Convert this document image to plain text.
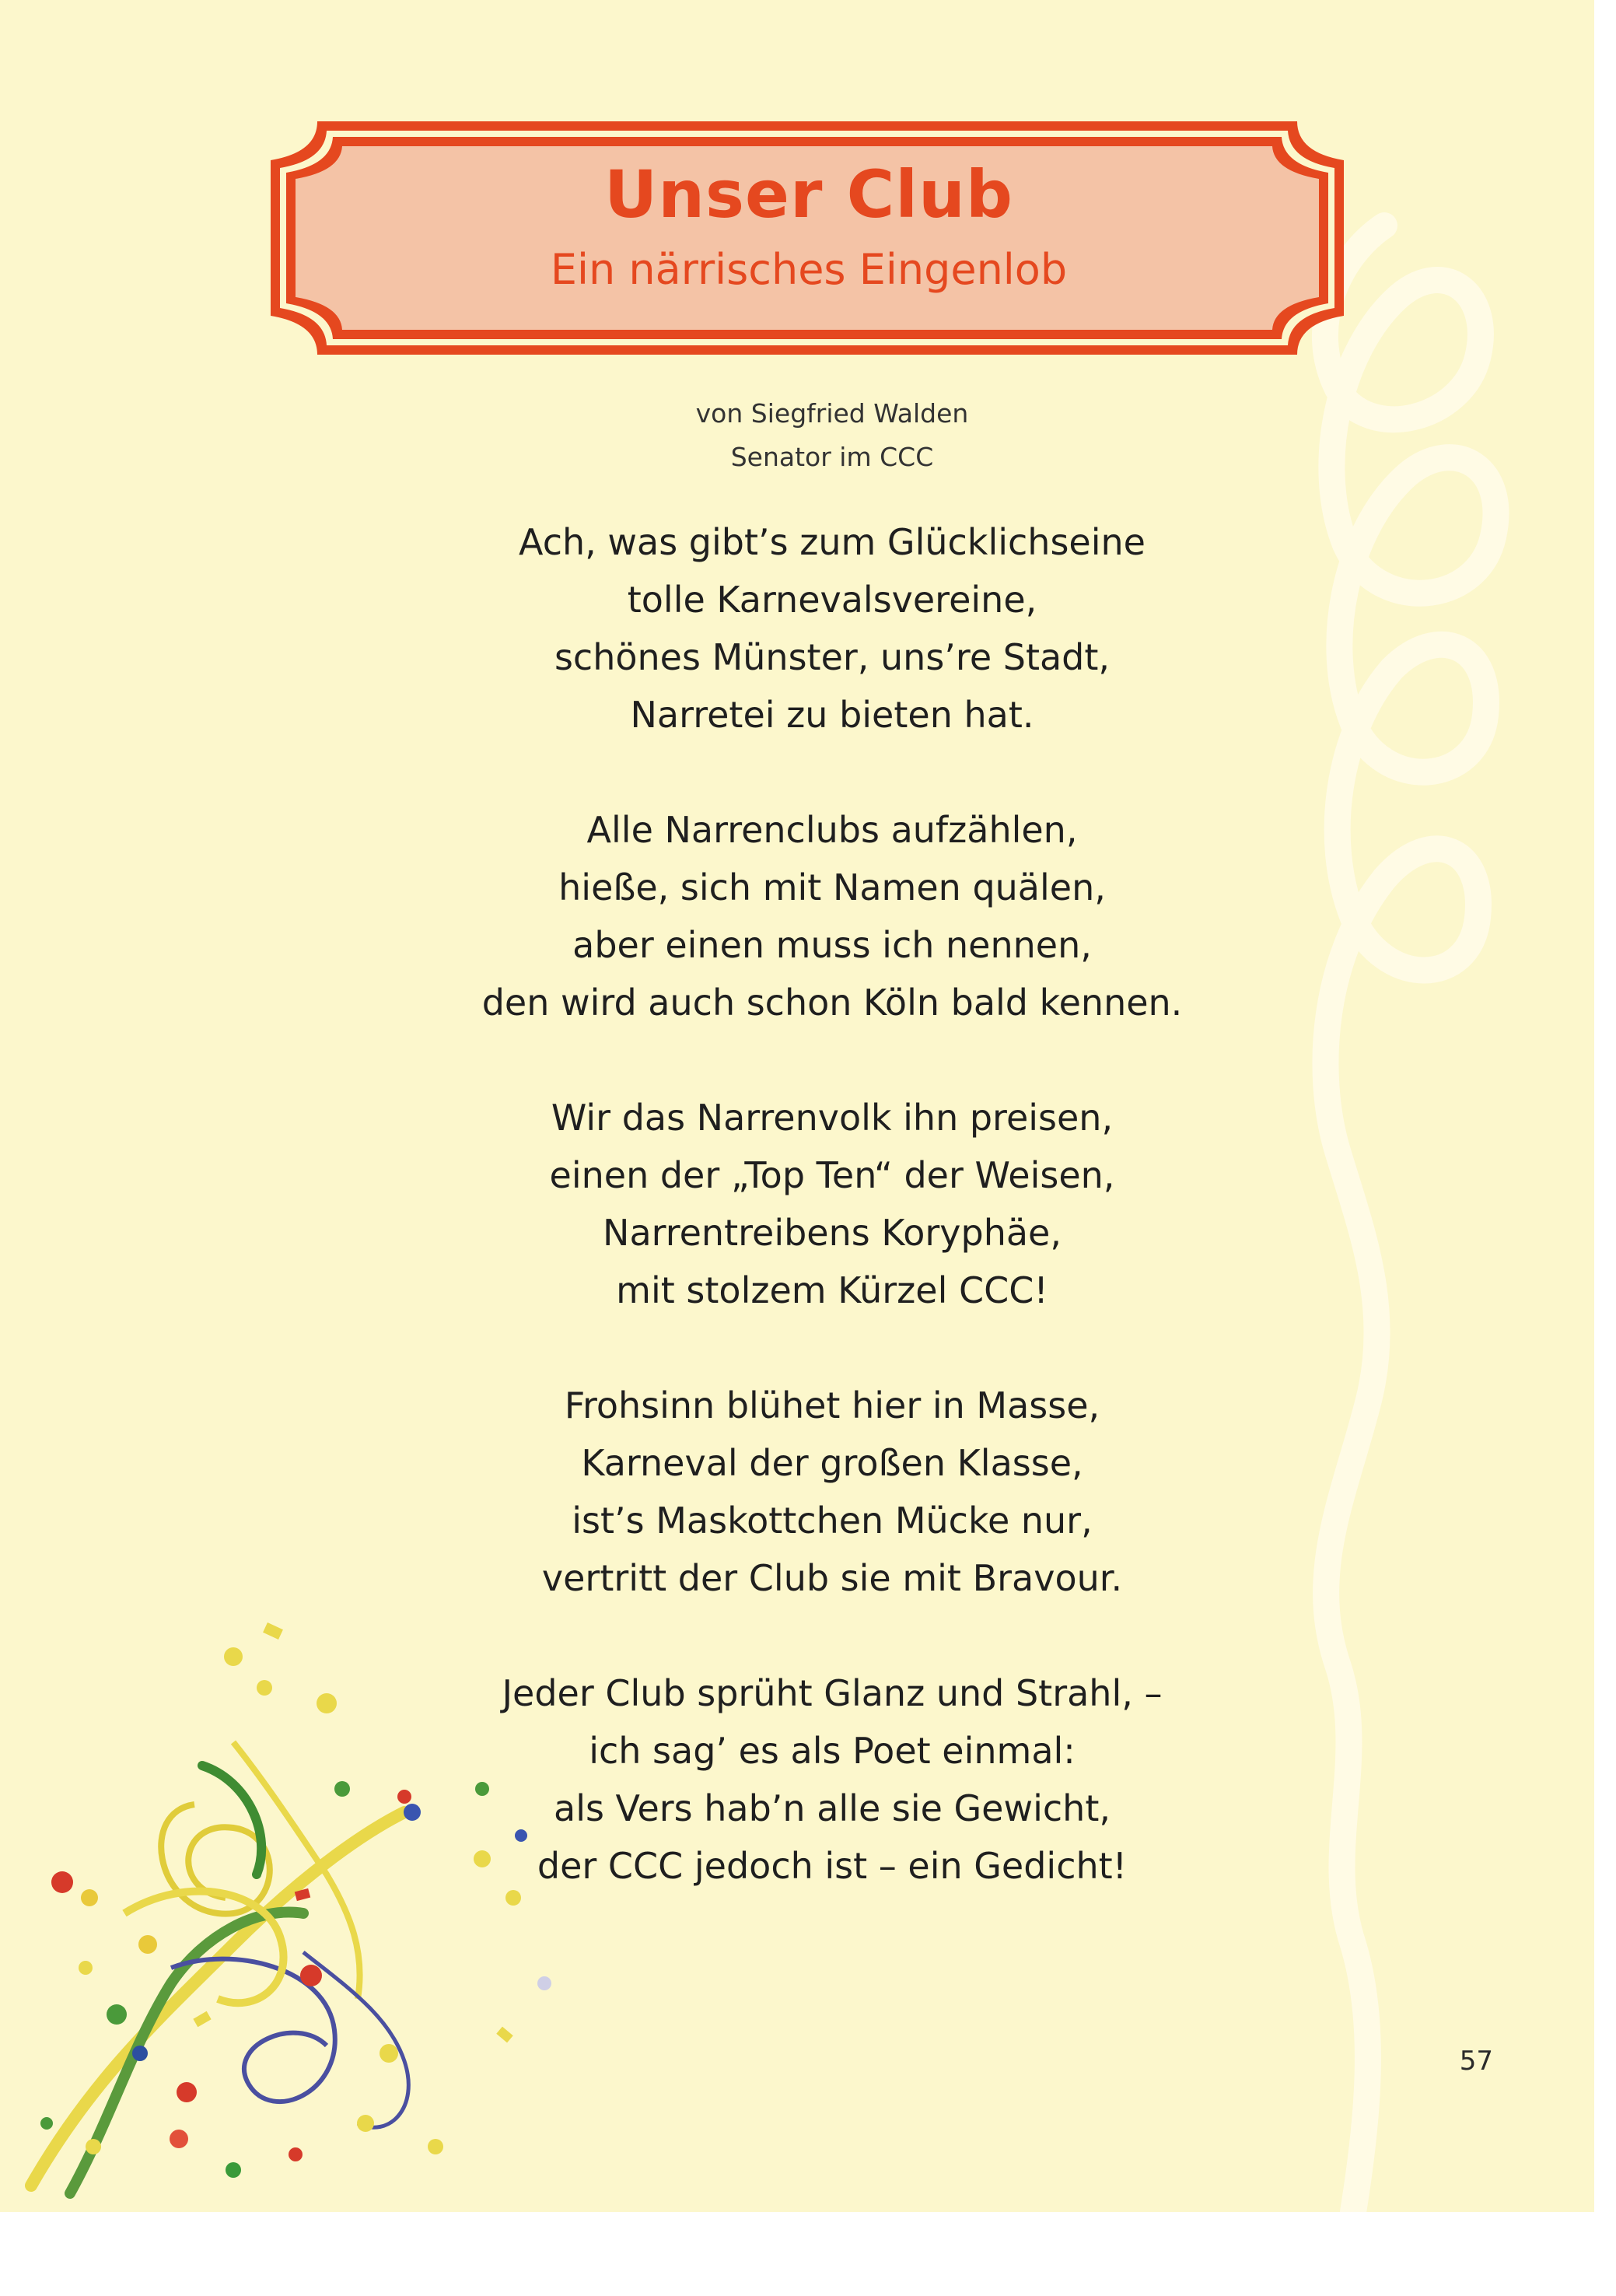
Unser Club
Ein närrisches Eingenlob
von Siegfried Walden
Senator im CCC
Ach, was gibt’s zum Glücklichseine
tolle Karnevalsvereine,
schönes Münster, uns’re Stadt,
Narretei zu bieten hat.
Alle Narrenclubs aufzählen,
hieße, sich mit Namen quälen,
aber einen muss ich nennen,
den wird auch schon Köln bald kennen.
Wir das Narrenvolk ihn preisen,
einen der „Top Ten“ der Weisen,
Narrentreibens Koryphäe,
mit stolzem Kürzel CCC!
Frohsinn blühet hier in Masse,
Karneval der großen Klasse,
ist’s Maskottchen Mücke nur,
vertritt der Club sie mit Bravour.
Jeder Club sprüht Glanz und Strahl, –
ich sag’ es als Poet einmal:
als Vers hab’n alle sie Gewicht,
der CCC jedoch ist – ein Gedicht!
57
